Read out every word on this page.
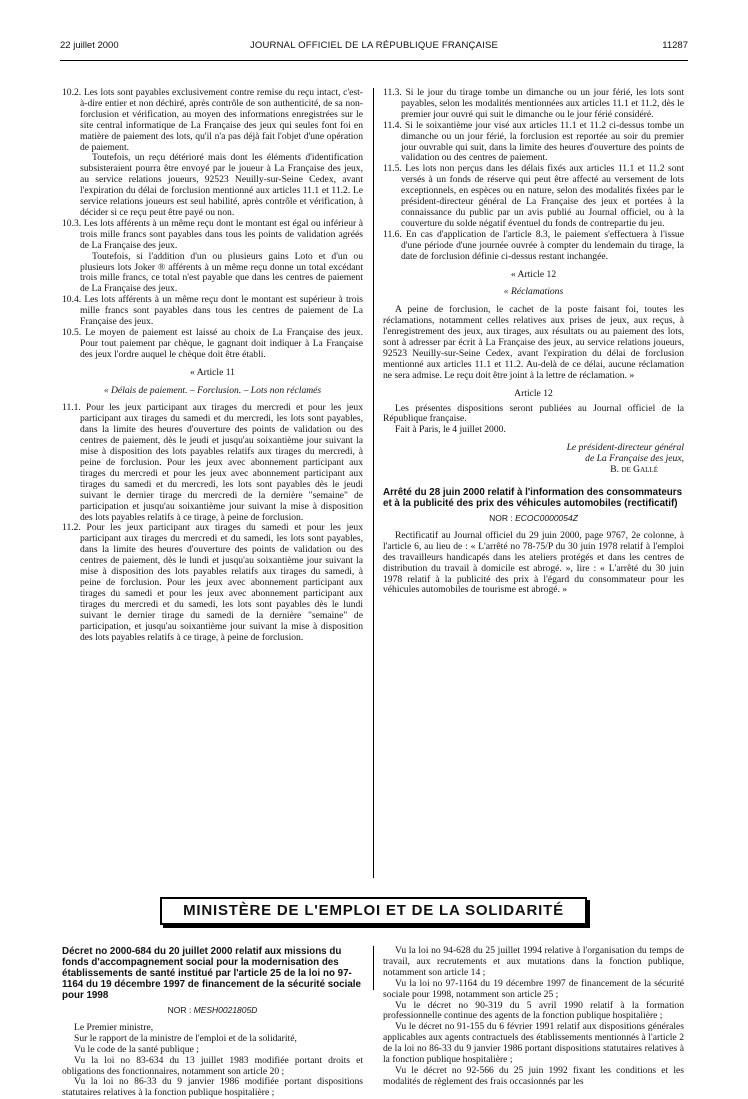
22 juillet 2000	JOURNAL OFFICIEL DE LA RÉPUBLIQUE FRANÇAISE	11287

10.2. Les lots sont payables exclusivement contre remise du reçu intact, c'est-à-dire entier et non déchiré, après contrôle de son authenticité, de sa non-forclusion et vérification, au moyen des informations enregistrées sur le site central informatique de La Française des jeux qui seules font foi en matière de paiement des lots, qu'il n'a pas déjà fait l'objet d'une opération de paiement.

Toutefois, un reçu détérioré mais dont les éléments d'identification subsisteraient pourra être envoyé par le joueur à La Française des jeux, au service relations joueurs, 92523 Neuilly-sur-Seine Cedex, avant l'expiration du délai de forclusion mentionné aux articles 11.1 et 11.2. Le service relations joueurs est seul habilité, après contrôle et vérification, à décider si ce reçu peut être payé ou non.

10.3. Les lots afférents à un même reçu dont le montant est égal ou inférieur à trois mille francs sont payables dans tous les points de validation agréés de La Française des jeux.

Toutefois, si l'addition d'un ou plusieurs gains Loto et d'un ou plusieurs lots Joker ® afférents à un même reçu donne un total excédant trois mille francs, ce total n'est payable que dans les centres de paiement de La Française des jeux.

10.4. Les lots afférents à un même reçu dont le montant est supérieur à trois mille francs sont payables dans tous les centres de paiement de La Française des jeux.

10.5. Le moyen de paiement est laissé au choix de La Française des jeux. Pour tout paiement par chèque, le gagnant doit indiquer à La Française des jeux l'ordre auquel le chèque doit être établi.

« Article 11

« Délais de paiement. – Forclusion. – Lots non réclamés

11.1. Pour les jeux participant aux tirages du mercredi et pour les jeux participant aux tirages du samedi et du mercredi, les lots sont payables, dans la limite des heures d'ouverture des points de validation ou des centres de paiement, dès le jeudi et jusqu'au soixantième jour suivant la mise à disposition des lots payables relatifs aux tirages du mercredi, à peine de forclusion. Pour les jeux avec abonnement participant aux tirages du mercredi et pour les jeux avec abonnement participant aux tirages du samedi et du mercredi, les lots sont payables dès le jeudi suivant le dernier tirage du mercredi de la dernière "semaine" de participation et jusqu'au soixantième jour suivant la mise à disposition des lots payables relatifs à ce tirage, à peine de forclusion.

11.2. Pour les jeux participant aux tirages du samedi et pour les jeux participant aux tirages du mercredi et du samedi, les lots sont payables, dans la limite des heures d'ouverture des points de validation ou des centres de paiement, dès le lundi et jusqu'au soixantième jour suivant la mise à disposition des lots payables relatifs aux tirages du samedi, à peine de forclusion. Pour les jeux avec abonnement participant aux tirages du samedi et pour les jeux avec abonnement participant aux tirages du mercredi et du samedi, les lots sont payables dès le lundi suivant le dernier tirage du samedi de la dernière "semaine" de participation, et jusqu'au soixantième jour suivant la mise à disposition des lots payables relatifs à ce tirage, à peine de forclusion.

11.3. Si le jour du tirage tombe un dimanche ou un jour férié, les lots sont payables, selon les modalités mentionnées aux articles 11.1 et 11.2, dès le premier jour ouvré qui suit le dimanche ou le jour férié considéré.

11.4. Si le soixantième jour visé aux articles 11.1 et 11.2 ci-dessus tombe un dimanche ou un jour férié, la forclusion est reportée au soir du premier jour ouvrable qui suit, dans la limite des heures d'ouverture des points de validation ou des centres de paiement.

11.5. Les lots non perçus dans les délais fixés aux articles 11.1 et 11.2 sont versés à un fonds de réserve qui peut être affecté au versement de lots exceptionnels, en espèces ou en nature, selon des modalités fixées par le président-directeur général de La Française des jeux et portées à la connaissance du public par un avis publié au Journal officiel, ou à la couverture du solde négatif éventuel du fonds de contrepartie du jeu.

11.6. En cas d'application de l'article 8.3, le paiement s'effectuera à l'issue d'une période d'une journée ouvrée à compter du lendemain du tirage, la date de forclusion définie ci-dessus restant inchangée.

« Article 12

« Réclamations

A peine de forclusion, le cachet de la poste faisant foi, toutes les réclamations, notamment celles relatives aux prises de jeux, aux reçus, à l'enregistrement des jeux, aux tirages, aux résultats ou au paiement des lots, sont à adresser par écrit à La Française des jeux, au service relations joueurs, 92523 Neuilly-sur-Seine Cedex, avant l'expiration du délai de forclusion mentionné aux articles 11.1 et 11.2. Au-delà de ce délai, aucune réclamation ne sera admise. Le reçu doit être joint à la lettre de réclamation. »

Article 12

Les présentes dispositions seront publiées au Journal officiel de la République française.

Fait à Paris, le 4 juillet 2000.

Le président-directeur général

de La Française des jeux,

B. de Gallé

Arrêté du 28 juin 2000 relatif à l'information des consommateurs et à la publicité des prix des véhicules automobiles (rectificatif)

NOR : ECOC0000054Z

Rectificatif au Journal officiel du 29 juin 2000, page 9767, 2e colonne, à l'article 6, au lieu de : « L'arrêté no 78-75/P du 30 juin 1978 relatif à l'emploi des travailleurs handicapés dans les ateliers protégés et dans les centres de distribution du travail à domicile est abrogé. », lire : « L'arrêté du 30 juin 1978 relatif à la publicité des prix à l'égard du consommateur pour les véhicules automobiles de tourisme est abrogé. »

MINISTÈRE DE L'EMPLOI ET DE LA SOLIDARITÉ

Décret no 2000-684 du 20 juillet 2000 relatif aux missions du fonds d'accompagnement social pour la modernisation des établissements de santé institué par l'article 25 de la loi no 97-1164 du 19 décembre 1997 de financement de la sécurité sociale pour 1998

NOR : MESH0021805D

Le Premier ministre,

Sur le rapport de la ministre de l'emploi et de la solidarité,

Vu le code de la santé publique ;

Vu la loi no 83-634 du 13 juillet 1983 modifiée portant droits et obligations des fonctionnaires, notamment son article 20 ;

Vu la loi no 86-33 du 9 janvier 1986 modifiée portant dispositions statutaires relatives à la fonction publique hospitalière ;

Vu la loi no 94-628 du 25 juillet 1994 relative à l'organisation du temps de travail, aux recrutements et aux mutations dans la fonction publique, notamment son article 14 ;

Vu la loi no 97-1164 du 19 décembre 1997 de financement de la sécurité sociale pour 1998, notamment son article 25 ;

Vu le décret no 90-319 du 5 avril 1990 relatif à la formation professionnelle continue des agents de la fonction publique hospitalière ;

Vu le décret no 91-155 du 6 février 1991 relatif aux dispositions générales applicables aux agents contractuels des établissements mentionnés à l'article 2 de la loi no 86-33 du 9 janvier 1986 portant dispositions statutaires relatives à la fonction publique hospitalière ;

Vu le décret no 92-566 du 25 juin 1992 fixant les conditions et les modalités de règlement des frais occasionnés par les
